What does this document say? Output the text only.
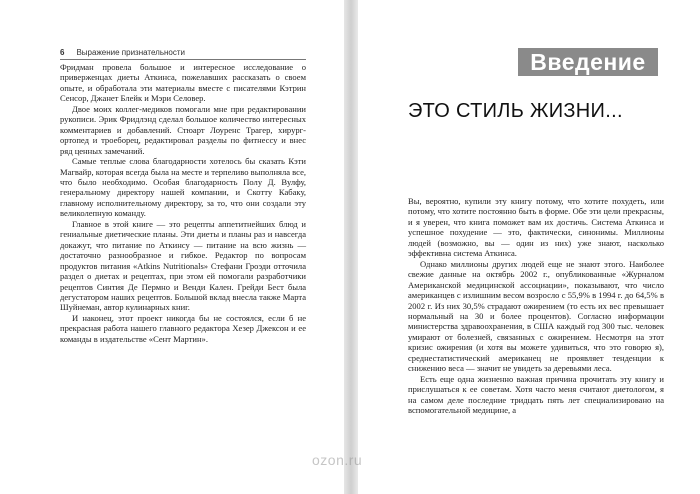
6 Выражение признательности

Фридман провела большое и интересное исследование о приверженцах диеты Аткинса, пожелавших рассказать о своем опыте, и обработала эти материалы вместе с писателями Кэтрин Сенсор, Джанет Блейк и Мэри Селовер.

Двое моих коллег-медиков помогали мне при редактировании рукописи. Эрик Фридлэнд сделал большое количество интересных комментариев и добавлений. Стюарт Лоуренс Трагер, хирург-ортопед и троеборец, редактировал разделы по фитнессу и внес ряд ценных замечаний.

Самые теплые слова благодарности хотелось бы сказать Кэти Магвайр, которая всегда была на месте и терпеливо выполняла все, что было необходимо. Особая благодарность Полу Д. Вулфу, генеральному директору нашей компании, и Скотту Кабаку, главному исполнительному директору, за то, что они создали эту великолепную команду.

Главное в этой книге — это рецепты аппетитнейших блюд и гениальные диетические планы. Эти диеты и планы раз и навсегда докажут, что питание по Аткинсу — питание на всю жизнь — достаточно разнообразное и гибкое. Редактор по вопросам продуктов питания «Atkins Nutritionals» Стефани Гроэди отточила раздел о диетах и рецептах, при этом ей помогали разработчики рецептов Синтия Де Пермно и Венди Кален. Грейди Бест была дегустатором наших рецептов. Большой вклад внесла также Марта Шуйнеман, автор кулинарных книг.

И наконец, этот проект никогда бы не состоялся, если б не прекрасная работа нашего главного редактора Хезер Джексон и ее команды в издательстве «Сент Мартин».

Введение
ЭТО СТИЛЬ ЖИЗНИ...

Вы, вероятно, купили эту книгу потому, что хотите похудеть, или потому, что хотите постоянно быть в форме. Обе эти цели прекрасны, и я уверен, что книга поможет вам их достичь. Система Аткинса и успешное похудение — это, фактически, синонимы. Миллионы людей (возможно, вы — один из них) уже знают, насколько эффективна система Аткинса.

Однако миллионы других людей еще не знают этого. Наиболее свежие данные на октябрь 2002 г., опубликованные «Журналом Американской медицинской ассоциации», показывают, что число американцев с излишним весом возросло с 55,9% в 1994 г. до 64,5% в 2002 г. Из них 30,5% страдают ожирением (то есть их вес превышает нормальный на 30 и более процентов). Согласно информации министерства здравоохранения, в США каждый год 300 тыс. человек умирают от болезней, связанных с ожирением. Несмотря на этот кризис ожирения (и хотя вы можете удивиться, что это говорю я), среднестатистический американец не проявляет тенденции к снижению веса — значит не увидеть за деревьями леса.

Есть еще одна жизненно важная причина прочитать эту книгу и прислушаться к ее советам. Хотя часто меня считают диетологом, я на самом деле последние тридцать пять лет специализировано на вспомогательной медицине, а

ozon.ru
